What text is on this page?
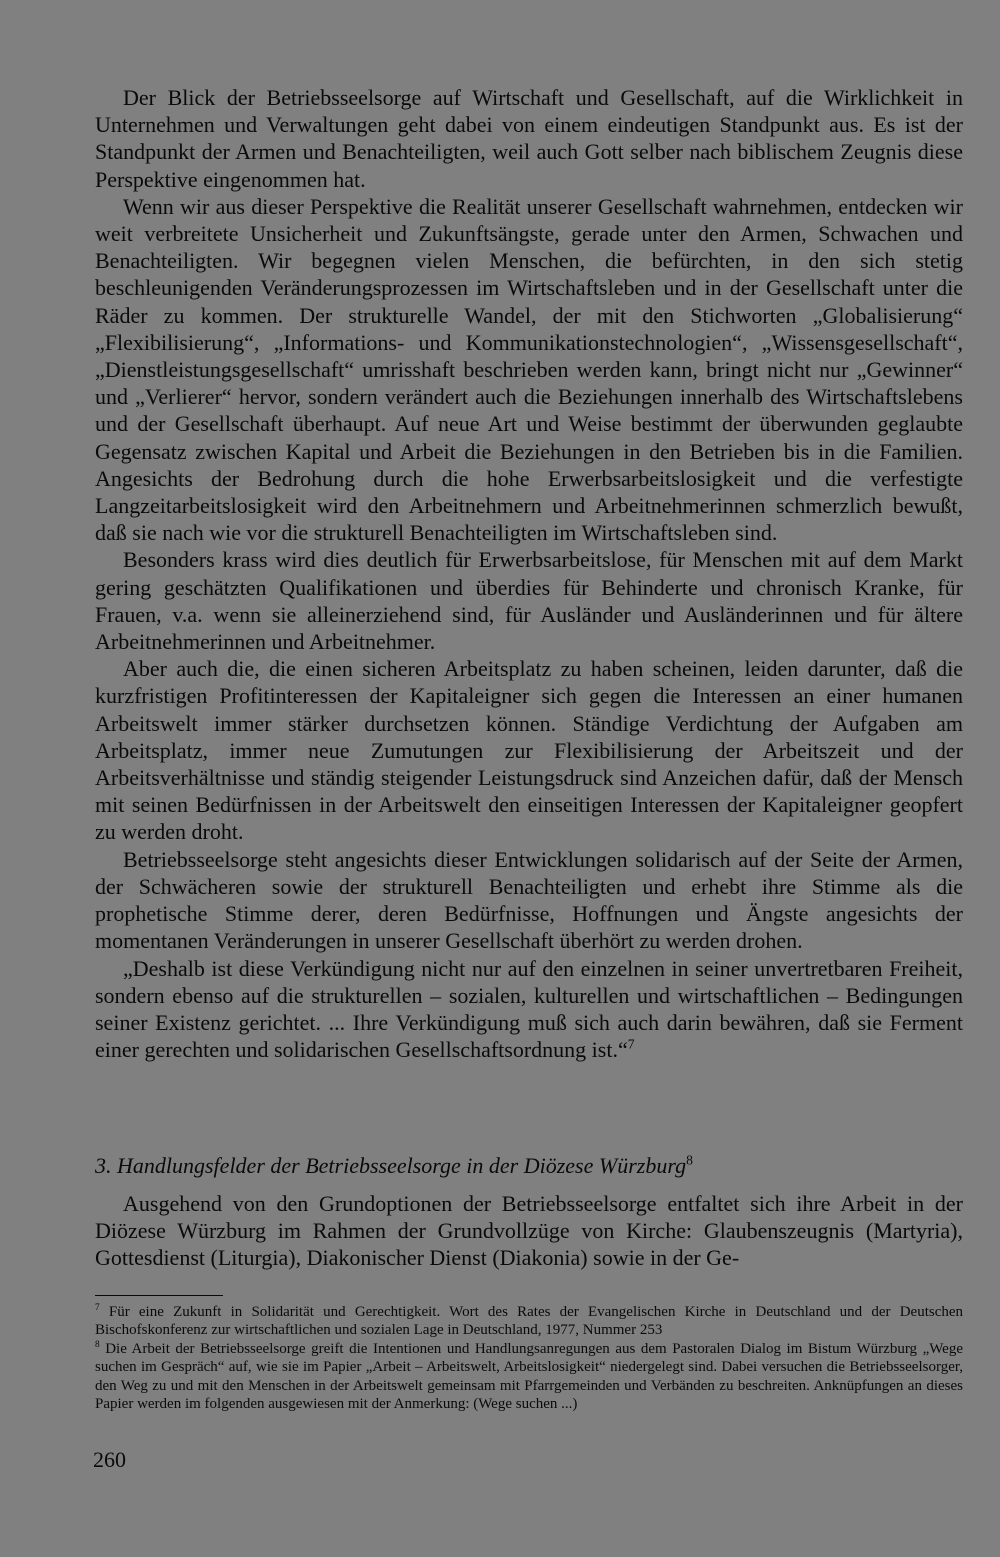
Der Blick der Betriebsseelsorge auf Wirtschaft und Gesellschaft, auf die Wirklichkeit in Unternehmen und Verwaltungen geht dabei von einem eindeutigen Standpunkt aus. Es ist der Standpunkt der Armen und Benachteiligten, weil auch Gott selber nach biblischem Zeugnis diese Perspektive eingenommen hat.

Wenn wir aus dieser Perspektive die Realität unserer Gesellschaft wahrnehmen, entdecken wir weit verbreitete Unsicherheit und Zukunftsängste, gerade unter den Armen, Schwachen und Benachteiligten. Wir begegnen vielen Menschen, die befürchten, in den sich stetig beschleunigenden Veränderungsprozessen im Wirtschaftsleben und in der Gesellschaft unter die Räder zu kommen. Der strukturelle Wandel, der mit den Stichworten „Globalisierung“ „Flexibilisierung“, „Informations- und Kommunikationstechnologien“, „Wissensgesellschaft“, „Dienstleistungsgesellschaft“ umrisshaft beschrieben werden kann, bringt nicht nur „Gewinner“ und „Verlierer“ hervor, sondern verändert auch die Beziehungen innerhalb des Wirtschaftslebens und der Gesellschaft überhaupt. Auf neue Art und Weise bestimmt der überwunden geglaubte Gegensatz zwischen Kapital und Arbeit die Beziehungen in den Betrieben bis in die Familien. Angesichts der Bedrohung durch die hohe Erwerbsarbeitslosigkeit und die verfestigte Langzeitarbeitslosigkeit wird den Arbeitnehmern und Arbeitnehmerinnen schmerzlich bewußt, daß sie nach wie vor die strukturell Benachteiligten im Wirtschaftsleben sind.

Besonders krass wird dies deutlich für Erwerbsarbeitslose, für Menschen mit auf dem Markt gering geschätzten Qualifikationen und überdies für Behinderte und chronisch Kranke, für Frauen, v.a. wenn sie alleinerziehend sind, für Ausländer und Ausländerinnen und für ältere Arbeitnehmerinnen und Arbeitnehmer.

Aber auch die, die einen sicheren Arbeitsplatz zu haben scheinen, leiden darunter, daß die kurzfristigen Profitinteressen der Kapitaleigner sich gegen die Interessen an einer humanen Arbeitswelt immer stärker durchsetzen können. Ständige Verdichtung der Aufgaben am Arbeitsplatz, immer neue Zumutungen zur Flexibilisierung der Arbeitszeit und der Arbeitsverhältnisse und ständig steigender Leistungsdruck sind Anzeichen dafür, daß der Mensch mit seinen Bedürfnissen in der Arbeitswelt den einseitigen Interessen der Kapitaleigner geopfert zu werden droht.

Betriebsseelsorge steht angesichts dieser Entwicklungen solidarisch auf der Seite der Armen, der Schwächeren sowie der strukturell Benachteiligten und erhebt ihre Stimme als die prophetische Stimme derer, deren Bedürfnisse, Hoffnungen und Ängste angesichts der momentanen Veränderungen in unserer Gesellschaft überhört zu werden drohen.

„Deshalb ist diese Verkündigung nicht nur auf den einzelnen in seiner unvertretbaren Freiheit, sondern ebenso auf die strukturellen – sozialen, kulturellen und wirtschaftlichen – Bedingungen seiner Existenz gerichtet. ... Ihre Verkündigung muß sich auch darin bewähren, daß sie Ferment einer gerechten und solidarischen Gesellschaftsordnung ist.“$^7$

3. Handlungsfelder der Betriebsseelsorge in der Diözese Würzburg$^8$

Ausgehend von den Grundoptionen der Betriebsseelsorge entfaltet sich ihre Arbeit in der Diözese Würzburg im Rahmen der Grundvollzüge von Kirche: Glaubenszeugnis (Martyria), Gottesdienst (Liturgia), Diakonischer Dienst (Diakonia) sowie in der Ge-

$^7$ Für eine Zukunft in Solidarität und Gerechtigkeit. Wort des Rates der Evangelischen Kirche in Deutschland und der Deutschen Bischofskonferenz zur wirtschaftlichen und sozialen Lage in Deutschland, 1977, Nummer 253

$^8$ Die Arbeit der Betriebsseelsorge greift die Intentionen und Handlungsanregungen aus dem Pastoralen Dialog im Bistum Würzburg „Wege suchen im Gespräch“ auf, wie sie im Papier „Arbeit – Arbeitswelt, Arbeitslosigkeit“ niedergelegt sind. Dabei versuchen die Betriebsseelsorger, den Weg zu und mit den Menschen in der Arbeitswelt gemeinsam mit Pfarrgemeinden und Verbänden zu beschreiten. Anknüpfungen an dieses Papier werden im folgenden ausgewiesen mit der Anmerkung: (Wege suchen ...)

260
